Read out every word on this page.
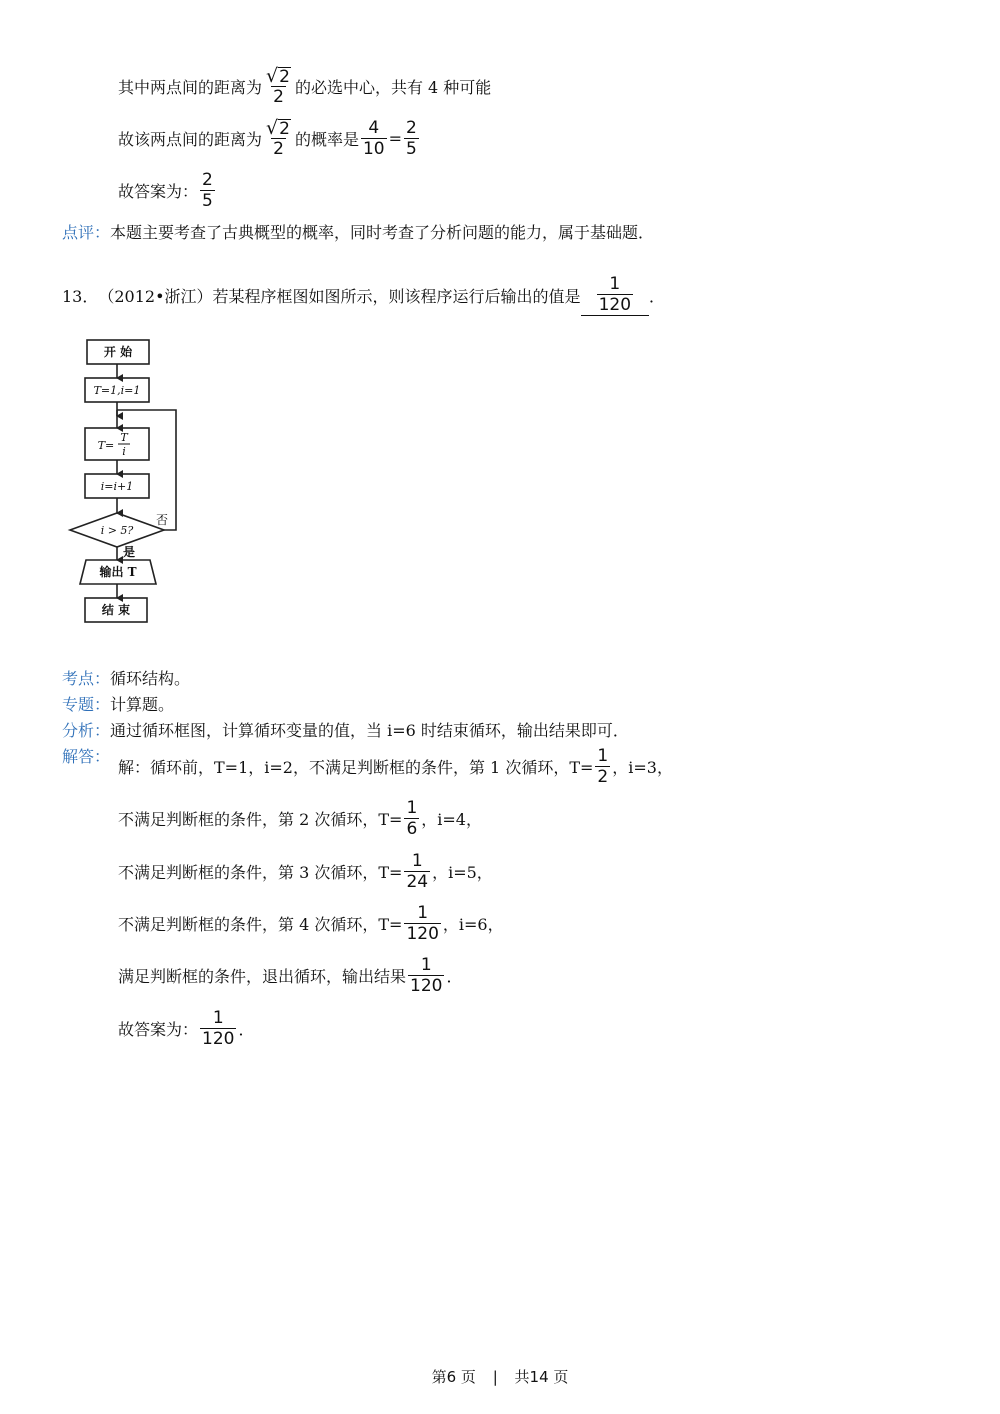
其中两点间的距离为 $\frac{√ 2}{2}$ 的必选中心，共有 4 种可能
故该两点间的距离为 $\frac{√ 2}{2}$ 的概率是 $\frac{4}{10} = \frac{2}{5}$
故答案为： $\frac{2}{5}$
点评： 本题主要考查了古典概型的概率，同时考查了分析问题的能力，属于基础题．
13． （2012•浙江） 若某程序框图如图所示，则该程序运行后输出的值是 $\frac{1}{120}$ ．
开 始
T=1,i=1
T=
T
i
i=i+1
i > 5?
否
是
输出 T
结 束
考点： 循环结构。
专题： 计算题。
分析： 通过循环框图，计算循环变量的值，当 i=6 时结束循环，输出结果即可．
解答：
解：循环前，T=1，i=2，不满足判断框的条件，第 1 次循环，$T= \frac{1}{2}$ ，i=3，
不满足判断框的条件，第 2 次循环，$T= \frac{1}{6}$ ，i=4，
不满足判断框的条件，第 3 次循环，$T= \frac{1}{24}$ ，i=5，
不满足判断框的条件，第 4 次循环，$T= \frac{1}{120}$ ，i=6，
满足判断框的条件，退出循环，输出结果 $\frac{1}{120}$ ．
故答案为： $\frac{1}{120}$ ．
第6 页 | 共14 页
